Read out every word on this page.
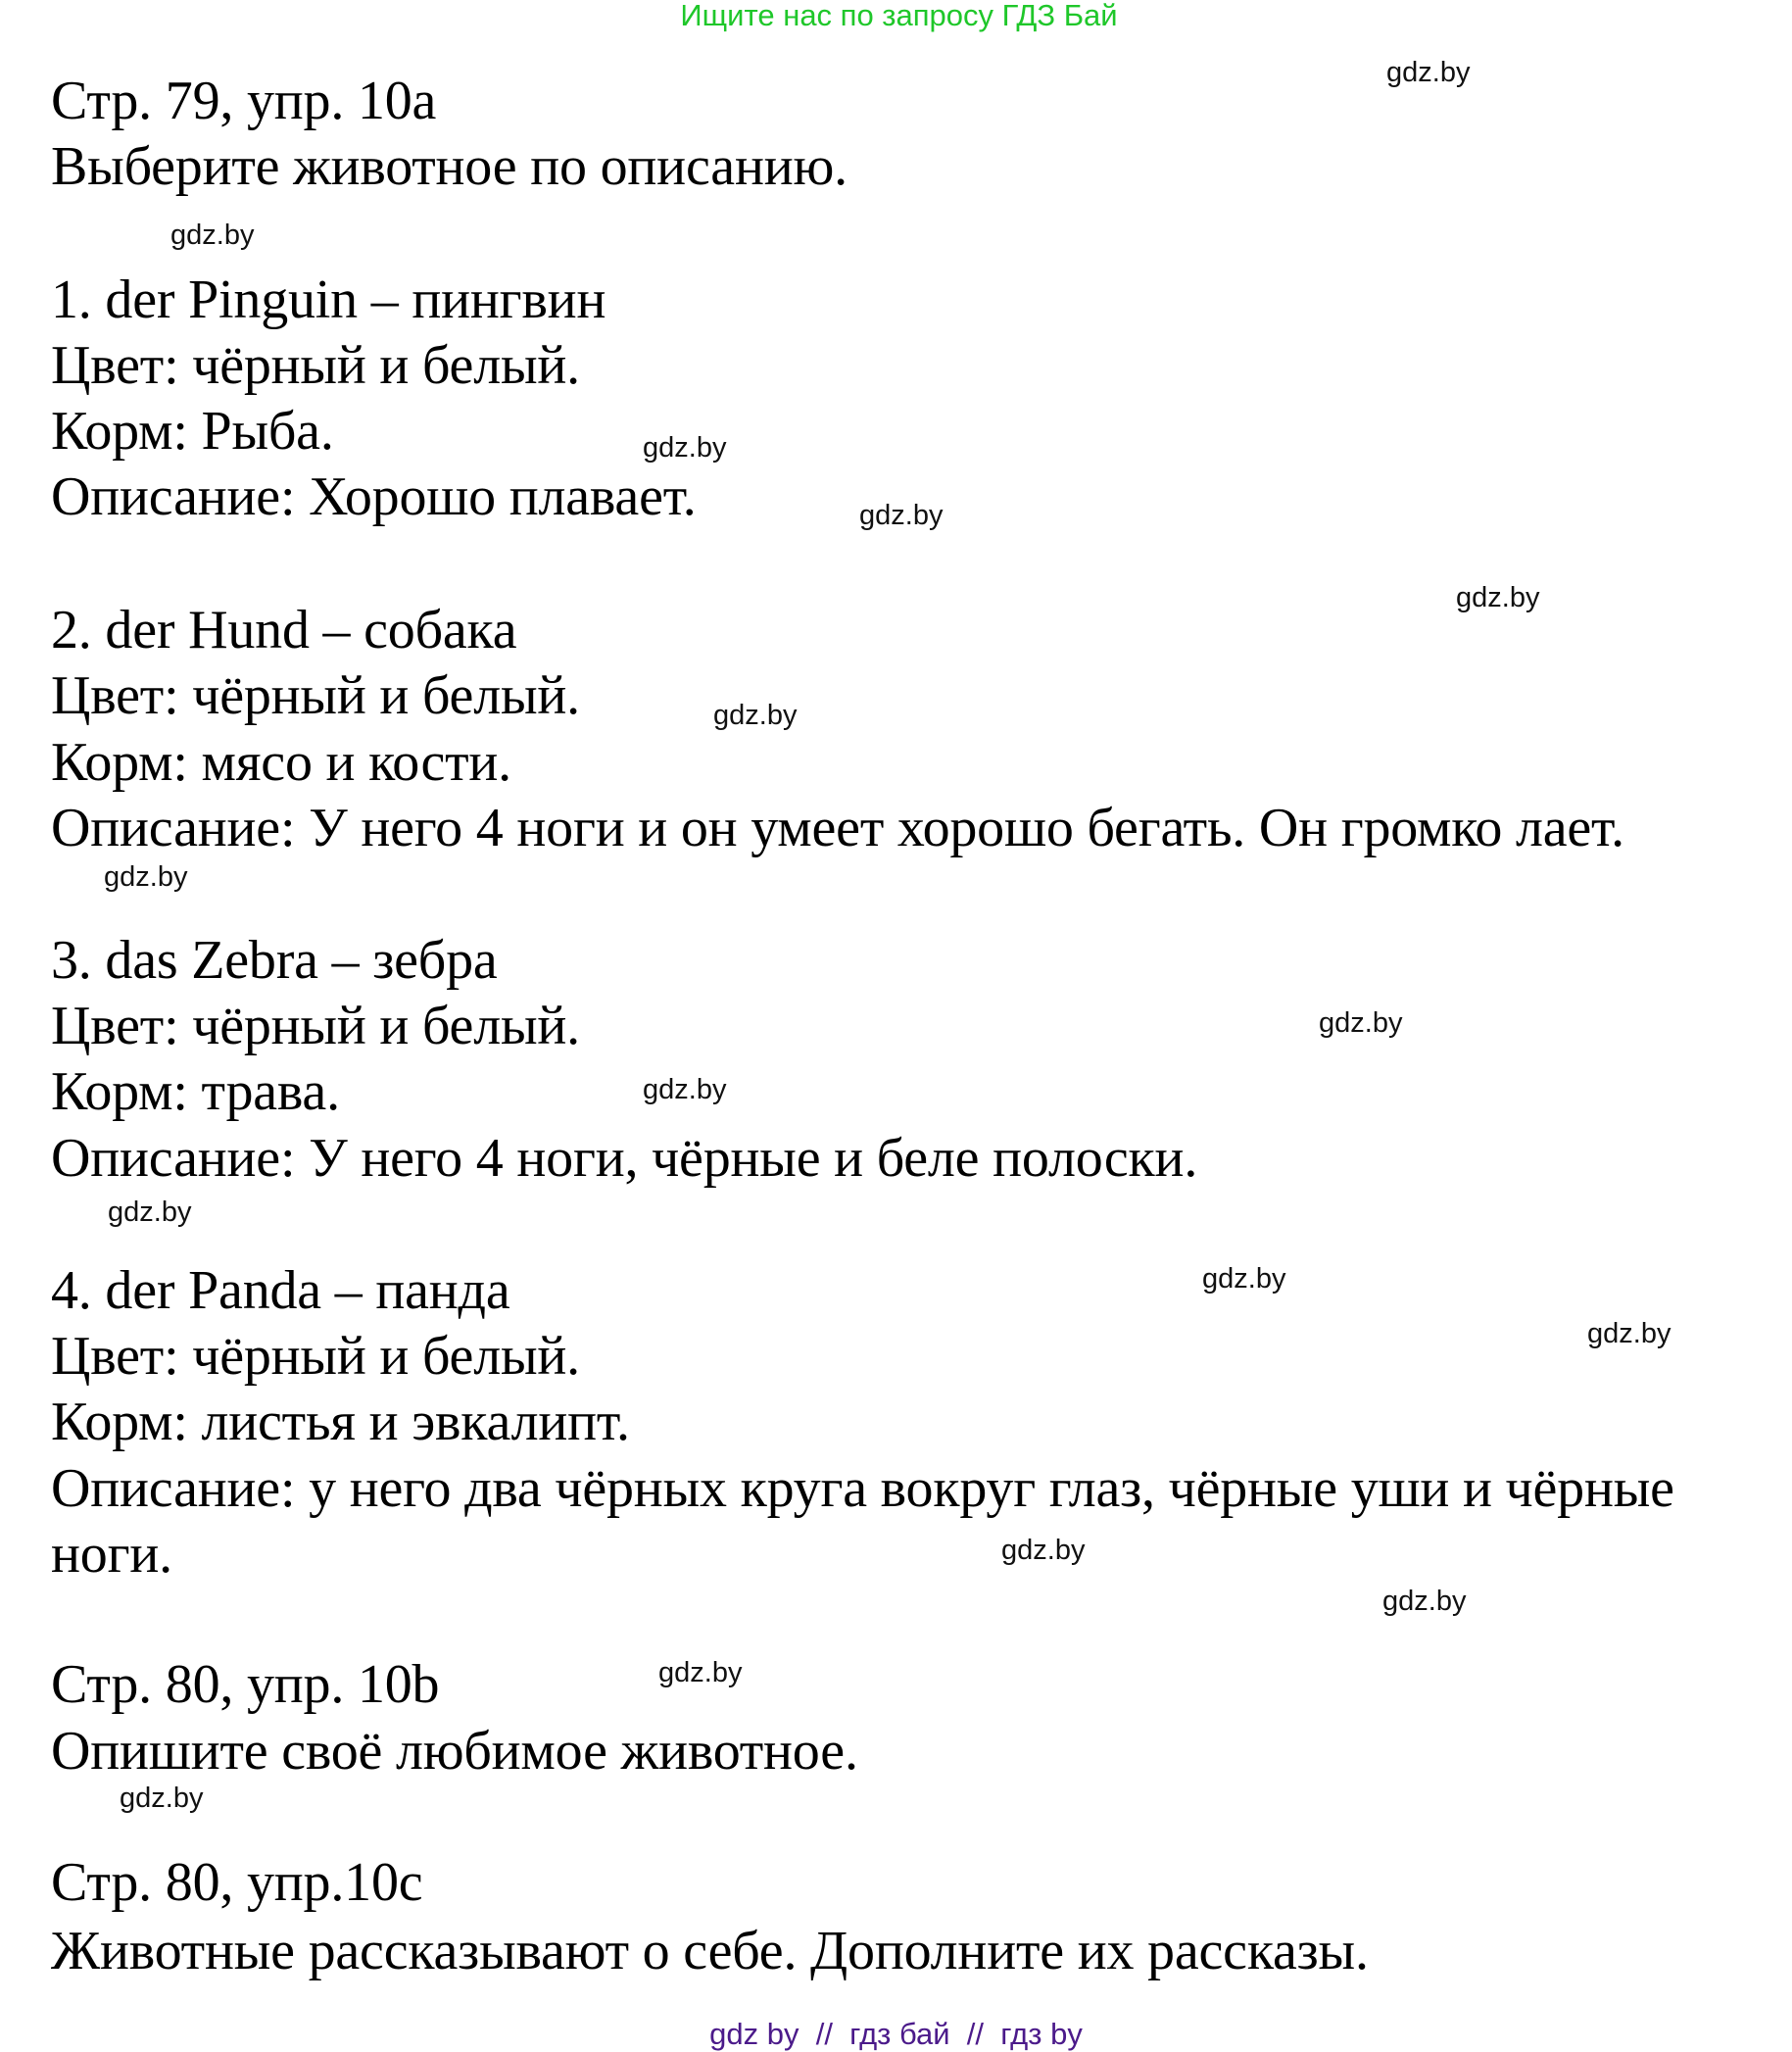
Ищите нас по запросу ГДЗ Бай
Стр. 79, упр. 10a
Выберите животное по описанию.
1. der Pinguin – пингвин
Цвет: чёрный и белый.
Корм: Рыба.
Описание: Хорошо плавает.
2. der Hund – собака
Цвет: чёрный и белый.
Корм: мясо и кости.
Описание: У него 4 ноги и он умеет хорошо бегать. Он громко лает.
3. das Zebra – зебра
Цвет: чёрный и белый.
Корм: трава.
Описание: У него 4 ноги, чёрные и беле полоски.
4. der Panda – панда
Цвет: чёрный и белый.
Корм: листья и эвкалипт.
Описание: у него два чёрных круга вокруг глаз, чёрные уши и чёрные
ноги.
Стр. 80, упр. 10b
Опишите своё любимое животное.
Стр. 80, упр.10c
Животные рассказывают о себе. Дополните их рассказы.
gdz.by
gdz.by
gdz.by
gdz.by
gdz.by
gdz.by
gdz.by
gdz.by
gdz.by
gdz.by
gdz.by
gdz.by
gdz.by
gdz.by
gdz.by
gdz.by
gdz by  //  гдз бай  //  гдз by
